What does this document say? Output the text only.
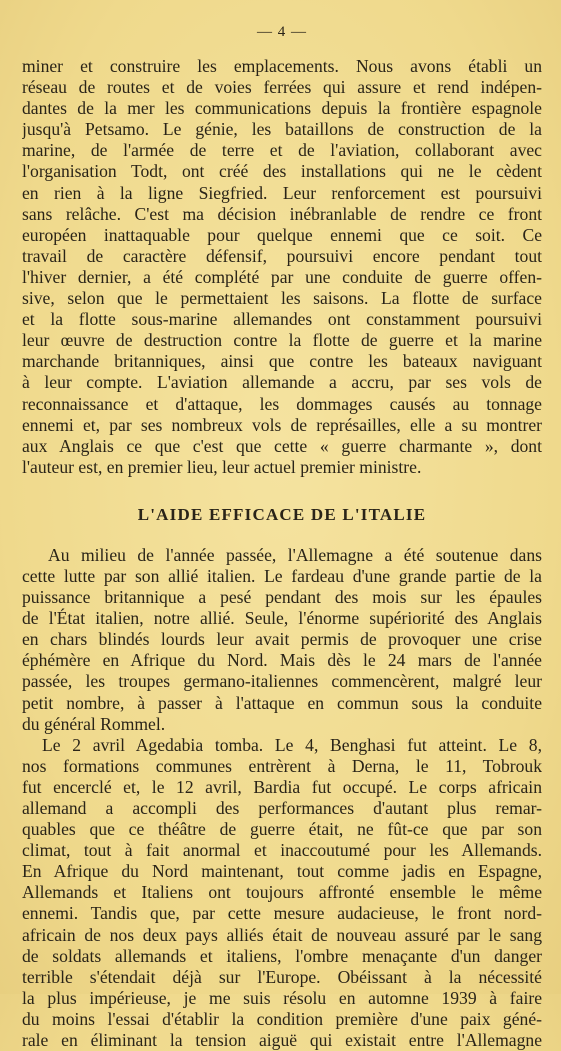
— 4 —
miner et construire les emplacements. Nous avons établi un
réseau de routes et de voies ferrées qui assure et rend indépen-
dantes de la mer les communications depuis la frontière espagnole
jusqu'à Petsamo. Le génie, les bataillons de construction de la
marine, de l'armée de terre et de l'aviation, collaborant avec
l'organisation Todt, ont créé des installations qui ne le cèdent
en rien à la ligne Siegfried. Leur renforcement est poursuivi
sans relâche. C'est ma décision inébranlable de rendre ce front
européen inattaquable pour quelque ennemi que ce soit. Ce
travail de caractère défensif, poursuivi encore pendant tout
l'hiver dernier, a été complété par une conduite de guerre offen-
sive, selon que le permettaient les saisons. La flotte de surface
et la flotte sous-marine allemandes ont constamment poursuivi
leur œuvre de destruction contre la flotte de guerre et la marine
marchande britanniques, ainsi que contre les bateaux naviguant
à leur compte. L'aviation allemande a accru, par ses vols de
reconnaissance et d'attaque, les dommages causés au tonnage
ennemi et, par ses nombreux vols de représailles, elle a su montrer
aux Anglais ce que c'est que cette « guerre charmante », dont
l'auteur est, en premier lieu, leur actuel premier ministre.
L'AIDE EFFICACE DE L'ITALIE
Au milieu de l'année passée, l'Allemagne a été soutenue dans
cette lutte par son allié italien. Le fardeau d'une grande partie de la
puissance britannique a pesé pendant des mois sur les épaules
de l'État italien, notre allié. Seule, l'énorme supériorité des Anglais
en chars blindés lourds leur avait permis de provoquer une crise
éphémère en Afrique du Nord. Mais dès le 24 mars de l'année
passée, les troupes germano-italiennes commencèrent, malgré leur
petit nombre, à passer à l'attaque en commun sous la conduite
du général Rommel.
Le 2 avril Agedabia tomba. Le 4, Benghasi fut atteint. Le 8,
nos formations communes entrèrent à Derna, le 11, Tobrouk
fut encerclé et, le 12 avril, Bardia fut occupé. Le corps africain
allemand a accompli des performances d'autant plus remar-
quables que ce théâtre de guerre était, ne fût-ce que par son
climat, tout à fait anormal et inaccoutumé pour les Allemands.
En Afrique du Nord maintenant, tout comme jadis en Espagne,
Allemands et Italiens ont toujours affronté ensemble le même
ennemi. Tandis que, par cette mesure audacieuse, le front nord-
africain de nos deux pays alliés était de nouveau assuré par le sang
de soldats allemands et italiens, l'ombre menaçante d'un danger
terrible s'étendait déjà sur l'Europe. Obéissant à la nécessité
la plus impérieuse, je me suis résolu en automne 1939 à faire
du moins l'essai d'établir la condition première d'une paix géné-
rale en éliminant la tension aiguë qui existait entre l'Allemagne
